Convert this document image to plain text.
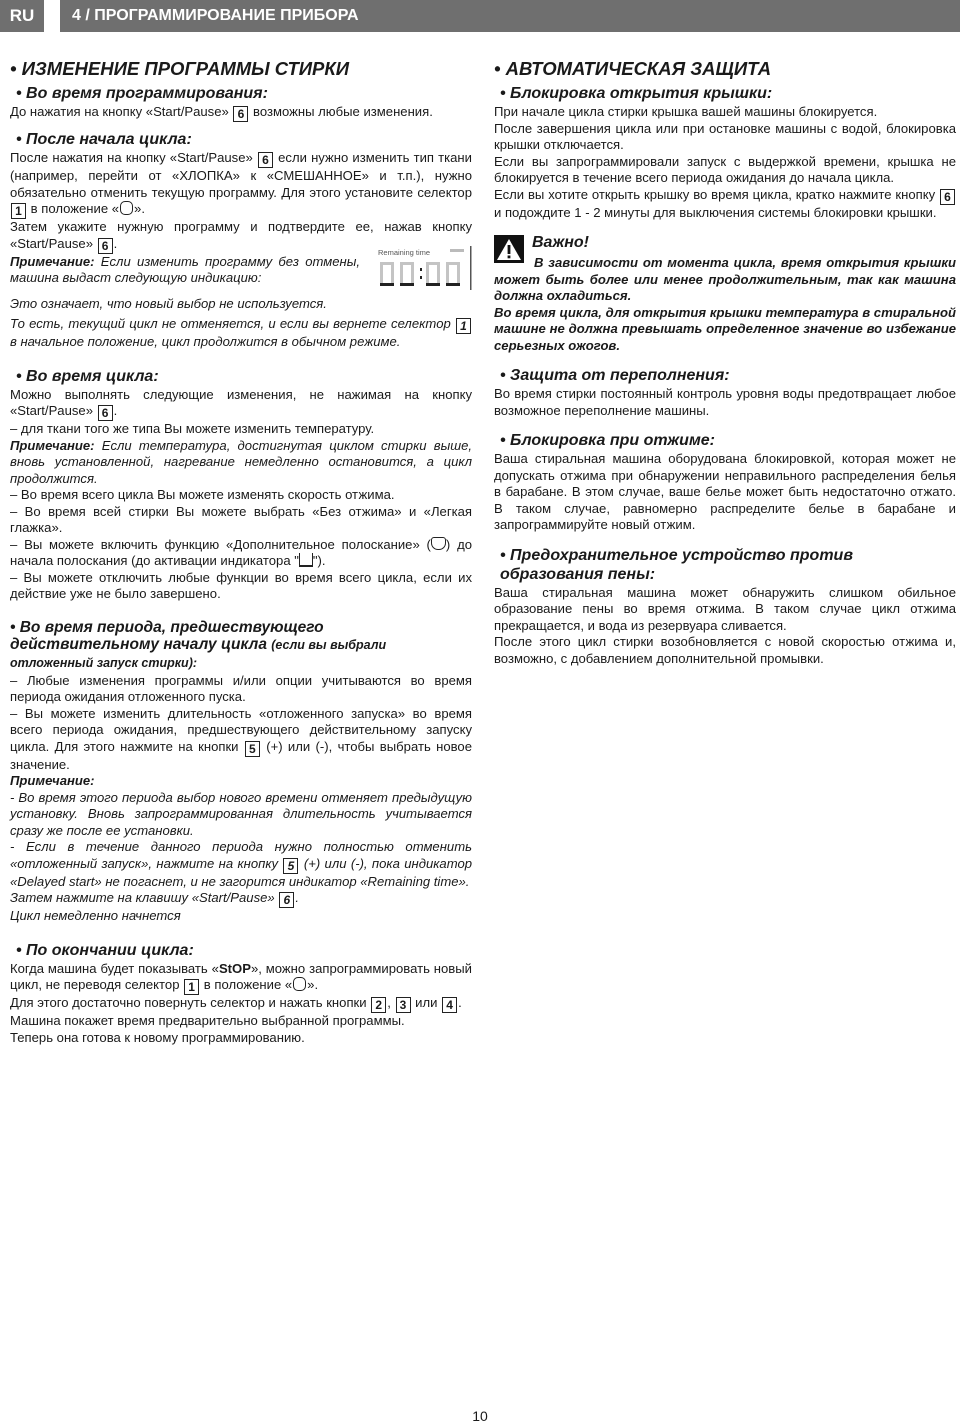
RU	4 / ПРОГРАММИРОВАНИЕ ПРИБОРА
• ИЗМЕНЕНИЕ ПРОГРАММЫ СТИРКИ
• Во время программирования:

До нажатия на кнопку «Start/Pause» 6 возможны любые изменения.

• После начала цикла:

После нажатия на кнопку «Start/Pause» 6 если нужно изменить тип ткани (например, перейти от «ХЛОПКА» к «СМЕШАННОЕ» и т.п.), нужно обязательно отменить текущую программу. Для этого установите селектор 1 в положение « ».

Затем укажите нужную программу и подтвердите ее, нажав кнопку «Start/Pause» 6 .

Примечание: Если изменить программу без отмены, машина выдаст следующую индикацию:

Remaining time

Это означает, что новый выбор не используется.

То есть, текущий цикл не отменяется, и если вы вернете селектор 1 в начальное положение, цикл продолжится в обычном режиме.

• Во время цикла:

Можно выполнять следующие изменения, не нажимая на кнопку «Start/Pause» 6 .

– для ткани того же типа Вы можете изменить температуру.

Примечание: Если температура, достигнутая циклом стирки выше, вновь установленной, нагревание немедленно остановится, а цикл продолжится.

– Во время всего цикла Вы можете изменять скорость отжима.

– Во время всей стирки Вы можете выбрать «Без отжима» и «Легкая глажка».

– Вы можете включить функцию «Дополнительное полоскание» ( ) до начала полоскания (до активации индикатора " ").

– Вы можете отключить любые функции во время всего цикла, если их действие уже не было завершено.

• Во время периода, предшествующего действительному началу цикла (если вы выбрали отложенный запуск стирки):

– Любые изменения программы и/или опции учитываются во время периода ожидания отложенного пуска.

– Вы можете изменить длительность «отложенного запуска» во время всего периода ожидания, предшествующего действительному запуску цикла. Для этого нажмите на кнопки 5 (+) или (-), чтобы выбрать новое значение.

Примечание:

- Во время этого периода выбор нового времени отменяет предыдущую установку. Вновь запрограммированная длительность учитывается сразу же после ее установки.

- Если в течение данного периода нужно полностью отменить «отложенный запуск», нажмите на кнопку 5 (+) или (-), пока индикатор «Delayed start» не погаснет, и не загорится индикатор «Remaining time».

Затем нажмите на клавишу «Start/Pause» 6 .

Цикл немедленно начнется

• По окончании цикла:

Когда машина будет показывать «StOP», можно запрограммировать новый цикл, не переводя селектор 1 в положение « ».

Для этого достаточно повернуть селектор и нажать кнопки 2 , 3 или 4 .

Машина покажет время предварительно выбранной программы.

Теперь она готова к новому программированию.

• АВТОМАТИЧЕСКАЯ ЗАЩИТА
• Блокировка открытия крышки:

При начале цикла стирки крышка вашей машины блокируется.

После завершения цикла или при остановке машины с водой, блокировка крышки отключается.

Если вы запрограммировали запуск с выдержкой времени, крышка не блокируется в течение всего периода ожидания до начала цикла.

Если вы хотите открыть крышку во время цикла, кратко нажмите кнопку 6 и подождите 1 - 2 минуты для выключения системы блокировки крышки.

Важно!

В зависимости от момента цикла, время открытия крышки может быть более или менее продолжительным, так как машина должна охладиться.

Во время цикла, для открытия крышки температура в стиральной машине не должна превышать определенное значение во избежание серьезных ожогов.

• Защита от переполнения:

Во время стирки постоянный контроль уровня воды предотвращает любое возможное переполнение машины.

• Блокировка при отжиме:

Ваша стиральная машина оборудована блокировкой, которая может не допускать отжима при обнаружении неправильного распределения белья в барабане. В этом случае, ваше белье может быть недостаточно отжато. В таком случае, равномерно распределите белье в барабане и запрограммируйте новый отжим.

• Предохранительное устройство против образования пены:

Ваша стиральная машина может обнаружить слишком обильное образование пены во время отжима. В таком случае цикл отжима прекращается, и вода из резервуара сливается.

После этого цикл стирки возобновляется с новой скоростью отжима и, возможно, с добавлением дополнительной промывки.

10
